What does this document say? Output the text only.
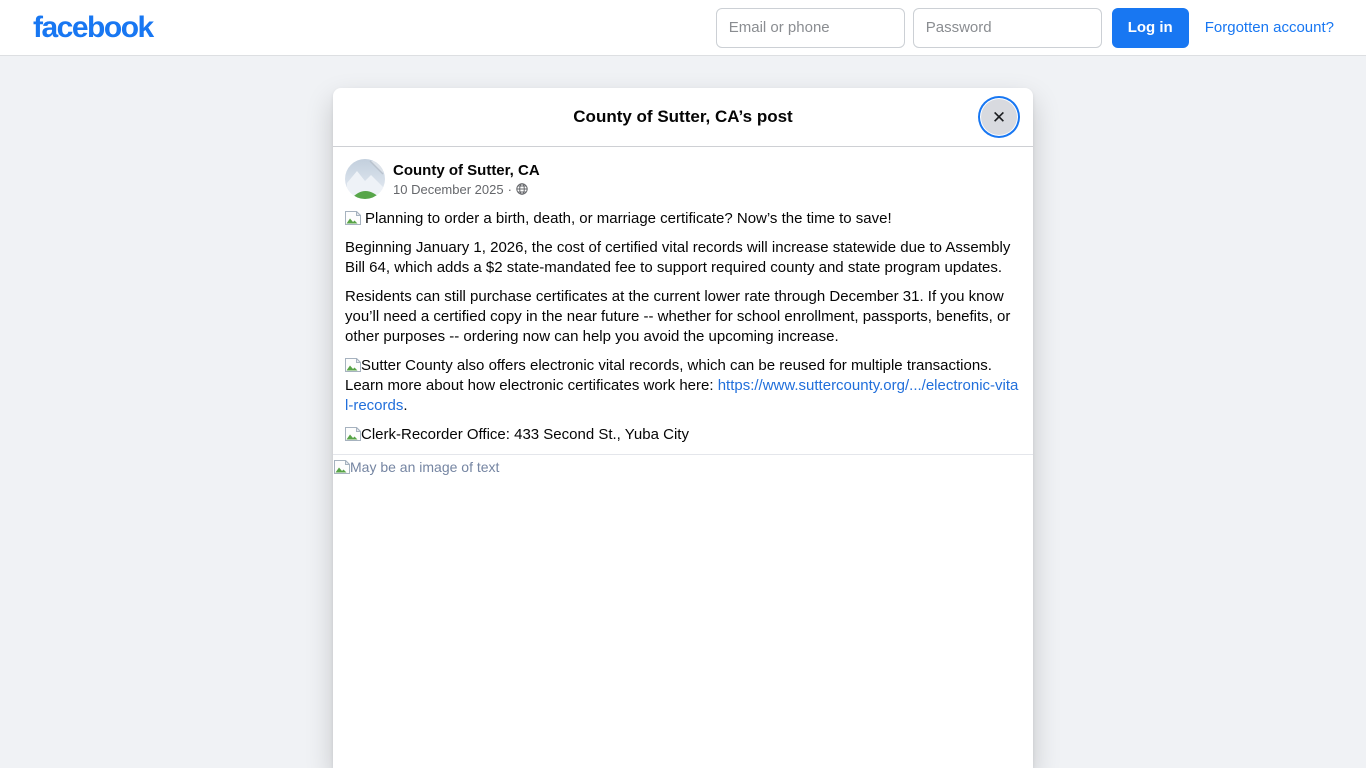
facebook
Email or phone	Log in	Forgotten account?
County of Sutter, CA’s post	✕
County of Sutter, CA
10 December 2025 ·

Planning to order a birth, death, or marriage certificate? Now’s the time to save!

Beginning January 1, 2026, the cost of certified vital records will increase statewide due to Assembly Bill 64, which adds a $2 state-mandated fee to support required county and state program updates.

Residents can still purchase certificates at the current lower rate through December 31. If you know you’ll need a certified copy in the near future -- whether for school enrollment, passports, benefits, or other purposes -- ordering now can help you avoid the upcoming increase.

Sutter County also offers electronic vital records, which can be reused for multiple transactions. Learn more about how electronic certificates work here: https://www.suttercounty.org/.../electronic-vital-records.

Clerk-Recorder Office: 433 Second St., Yuba City

May be an image of text
